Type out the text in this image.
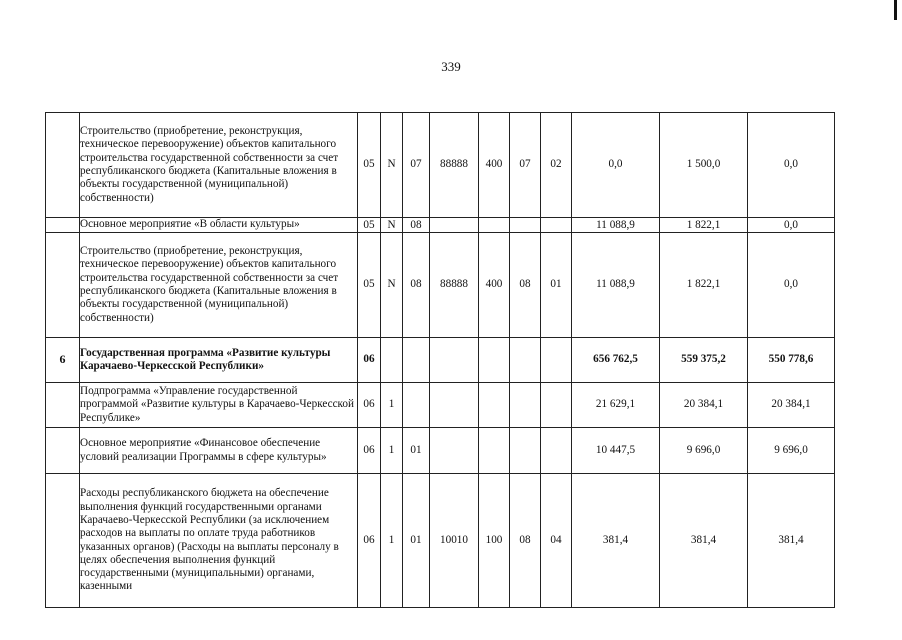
339
	Строительство (приобретение, реконструкция, техническое перевооружение) объектов капитального строительства государственной собственности за счет республиканского бюджета (Капитальные вложения в объекты государственной (муниципальной) собственности)	05	N	07	88888	400	07	02	0,0	1 500,0	0,0
	Основное мероприятие «В области культуры»	05	N	08					11 088,9	1 822,1	0,0
	Строительство (приобретение, реконструкция, техническое перевооружение) объектов капитального строительства государственной собственности за счет республиканского бюджета (Капитальные вложения в объекты государственной (муниципальной) собственности)	05	N	08	88888	400	08	01	11 088,9	1 822,1	0,0
6	Государственная программа «Развитие культуры Карачаево-Черкесской Республики»	06							656 762,5	559 375,2	550 778,6
	Подпрограмма «Управление государственной программой «Развитие культуры в Карачаево-Черкесской Республике»	06	1						21 629,1	20 384,1	20 384,1
	Основное мероприятие «Финансовое обеспечение условий реализации Программы в сфере культуры»	06	1	01					10 447,5	9 696,0	9 696,0
	Расходы республиканского бюджета на обеспечение выполнения функций государственными органами Карачаево-Черкесской Республики (за исключением расходов на выплаты по оплате труда работников указанных органов) (Расходы на выплаты персоналу в целях обеспечения выполнения функций государственными (муниципальными) органами, казенными	06	1	01	10010	100	08	04	381,4	381,4	381,4
